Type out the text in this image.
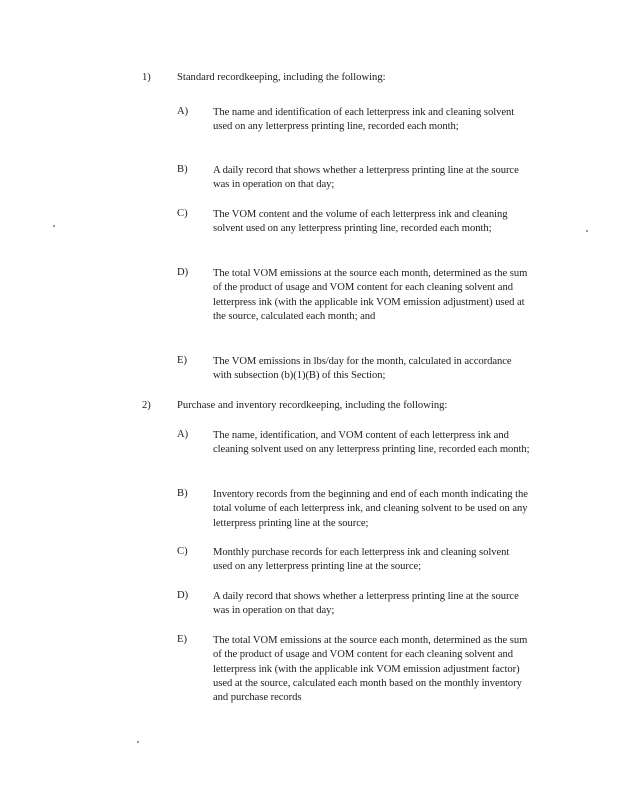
1) Standard recordkeeping, including the following:
A) The name and identification of each letterpress ink and cleaning solvent used on any letterpress printing line, recorded each month;
B) A daily record that shows whether a letterpress printing line at the source was in operation on that day;
C) The VOM content and the volume of each letterpress ink and cleaning solvent used on any letterpress printing line, recorded each month;
D) The total VOM emissions at the source each month, determined as the sum of the product of usage and VOM content for each cleaning solvent and letterpress ink (with the applicable ink VOM emission adjustment) used at the source, calculated each month; and
E) The VOM emissions in lbs/day for the month, calculated in accordance with subsection (b)(1)(B) of this Section;
2) Purchase and inventory recordkeeping, including the following:
A) The name, identification, and VOM content of each letterpress ink and cleaning solvent used on any letterpress printing line, recorded each month;
B) Inventory records from the beginning and end of each month indicating the total volume of each letterpress ink, and cleaning solvent to be used on any letterpress printing line at the source;
C) Monthly purchase records for each letterpress ink and cleaning solvent used on any letterpress printing line at the source;
D) A daily record that shows whether a letterpress printing line at the source was in operation on that day;
E) The total VOM emissions at the source each month, determined as the sum of the product of usage and VOM content for each cleaning solvent and letterpress ink (with the applicable ink VOM emission adjustment factor) used at the source, calculated each month based on the monthly inventory and purchase records
